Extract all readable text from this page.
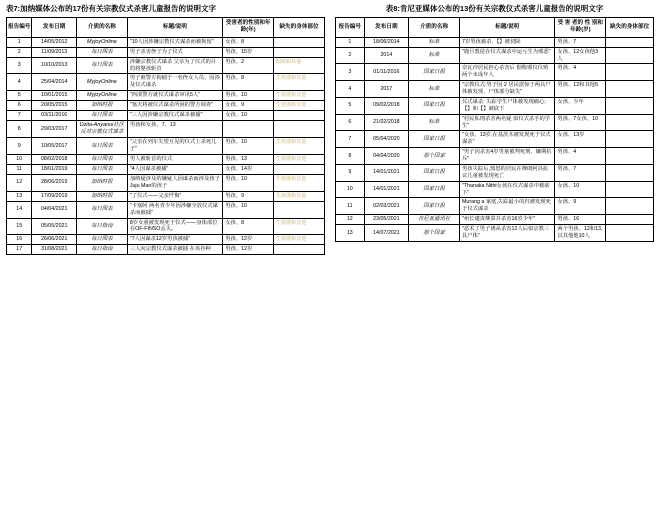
表7:加纳媒体公布的17份有关宗教仪式杀害儿童报告的说明文字
报告编号	发布日期	介质的名称	标题/说明	受害者的性别和年龄(年)	缺失的身体部位
1	14/05/2012	MyjoyOnline	"10人因涉嫌宗教仪式谋杀而被拘留"	女孩、8	
2	11/09/2013	每日图表	男子杀害侄子为了仪式	男孩、15岁	
3	10/10/2013	每日图表	涉嫌宗教仪式谋杀 父亲为了仪式的目的将婴孩斩首	男孩、2	眼睛和其他
4	25/04/2014	MyjoyOnline	男子被警方拘捕于一名侄女人员、因涉及仪式谋杀	男孩、8	生殖器和其他
5	10/01/2015	MyjoyOnline	"西凑警方就仪式谋杀审讯5人"	男孩、10	生殖器和其他
6	20/05/2015	加纳时报	"塞夫将被仪式谋杀所困的警方调查"	女孩、9	生殖器和其他
7	03/11/2016	每日图表	"三人因涉嫌宗教仪式谋杀被捕"	女孩、10	
8	29/03/2017	Dzita-Anyanui社区反对宗教仪式谋杀	男孩和女孩、7、13		
9	10/05/2017	每日图表	"父亲在列车失望互见的仪式上杀死儿子"	男孩、10	生殖器和其他
10	08/02/2018	每日图表	男人被斩首的仪式	男孩、13	生殖器和其他
11	18/01/2019	每日图表	"4人因谋杀被捕"	女孩、14岁	
12	28/06/2019	加纳时报	加纳疑涉及的嫌疑人因谋杀而涉及孩子Juju Man的孩子	男孩、10	生殖器和其他
13	17/09/2019	加纳时报	"了仪式——父亲忏悔"	男孩、9	生殖器和其他
14	04/04/2021	每日图表	"卡塞阿 两名青少年因涉嫌全放仪式谋杀而被捕"	男孩、10	
15	05/05/2021	每日指南	8岁女童被发现死于仪式——身体部位在OF-FINSO丢失。	女孩、8	生殖器和其他
16	26/06/2021	每日图表	"7人因谋杀12岁男孩被捕"	男孩、12岁	生殖器和其他
17	31/08/2021	每日指南	三人向宗教仪式谋杀被捕 在该谷种	男孩、12岁	
表8:肯尼亚媒体公布的13份有关宗教仪式杀害儿童报告的说明文字
报告编号	发布日期	介质的名称	标题/说明	受 害 者的 性 别和年龄(岁)	缺失的身体部位
1	18/06/2014	标准	7岁男孩被杀、【】被切除	男孩、7	
2	2014	标准	"鹿旦教徒在仪式谋杀中运亏生为邪恶"	女孩、12女孩他3人	
3	01/11/2016	国家日报	奈瓦沙居民担心杀害后 据称邪仪仪殖两个未成年人	男孩、4	
4	2017	标准	"宗教仪式:男子因 2 居民震惊于两具尸体被发现、尸体部分缺失"	男孩、12和其他5	
5	09/02/2018	国家日报	仪式谋杀: 失踪学生尸体被发现痛心;【】和【】被砍下	女孩、少年	
6	21/02/2018	标准	"村民私刑杀害两名疑 似仪式杀手的学生"	男孩、7女孩、10	
7	05/04/2020	国家日报	"女孩、13岁,在基茨木被发现死于仪式谋杀"	女孩、13岁	
8	04/04/2020	那个国家	"男子因杀害4岁男童被判死刑、嫌期抗斥"	男孩、4	
9	14/01/2021	国家日报	男孩失踪后,愤怒的居民在穆朗阿县抗议儿童被发现死亡	男孩、7	
10	14/01/2021	国家日报	"Thanaka Nithi女孩在仪式谋杀中被砍下"	女孩、10	
11	02/03/2021	国家日报	Murang a 家庭,失踪最小的归被发现死于仪式谋杀	女孩、9	
12	23/05/2021	肯尼亚通讯社	"州长谴责继算并杀害16岁少年"	男孩、16	
13	14/07/2021	那个国家	"恶术了男子诱从杀害12人后似宗教三具尸体"	两个男孩、12和13,以其他他10人	
